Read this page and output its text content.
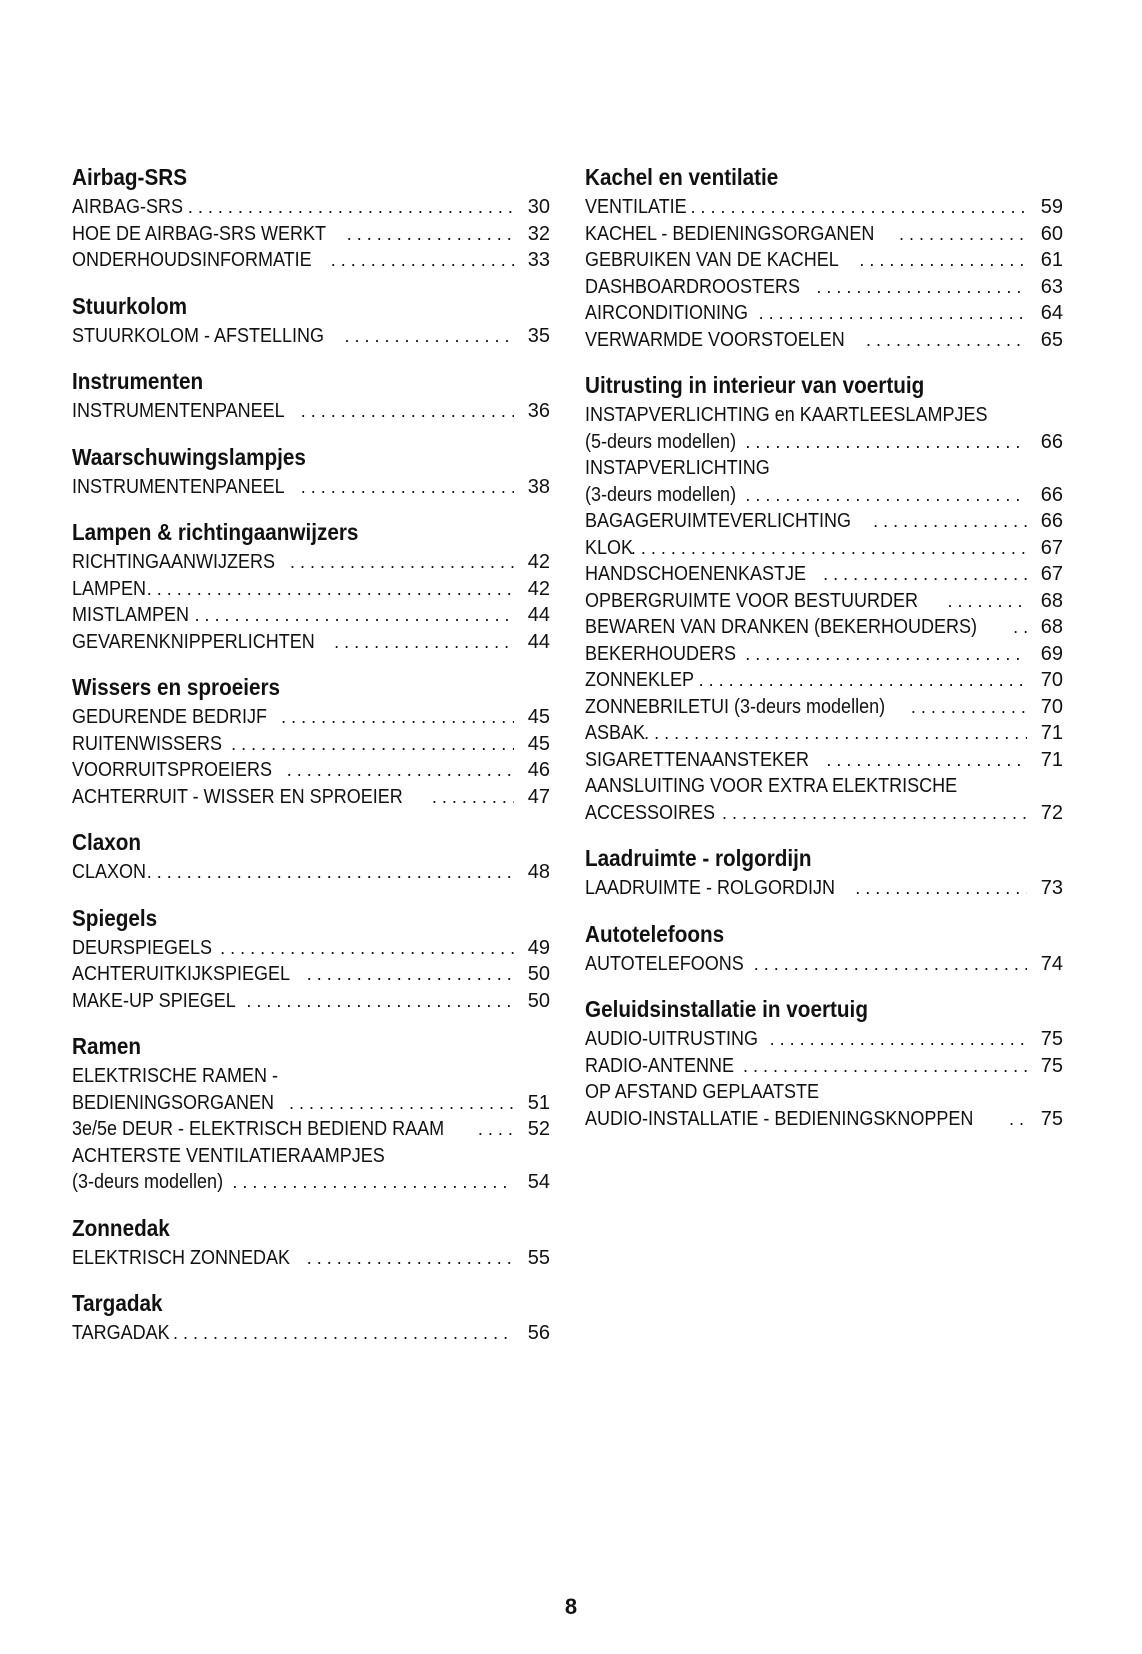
Airbag-SRS
AIRBAG-SRS . . .	30
HOE DE AIRBAG-SRS WERKT . . .	32
ONDERHOUDSINFORMATIE . . .	33
Stuurkolom
STUURKOLOM - AFSTELLING . . .	35
Instrumenten
INSTRUMENTENPANEEL . . .	36
Waarschuwingslampjes
INSTRUMENTENPANEEL . . .	38
Lampen & richtingaanwijzers
RICHTINGAANWIJZERS . . .	42
LAMPEN . . .	42
MISTLAMPEN . . .	44
GEVARENKNIPPERLICHTEN . . .	44
Wissers en sproeiers
GEDURENDE BEDRIJF . . .	45
RUITENWISSERS . . .	45
VOORRUITSPROEIERS . . .	46
ACHTERRUIT - WISSER EN SPROEIER . . .	47
Claxon
CLAXON . . .	48
Spiegels
DEURSPIEGELS . . .	49
ACHTERUITKIJKSPIEGEL . . .	50
MAKE-UP SPIEGEL . . .	50
Ramen
ELEKTRISCHE RAMEN -
BEDIENINGSORGANEN . . .	51
3e/5e DEUR - ELEKTRISCH BEDIEND RAAM . . .	52
ACHTERSTE VENTILATIERAAMPJES
(3-deurs modellen) . . .	54
Zonnedak
ELEKTRISCH ZONNEDAK . . .	55
Targadak
TARGADAK . . .	56
Kachel en ventilatie
VENTILATIE . . .	59
KACHEL - BEDIENINGSORGANEN . . .	60
GEBRUIKEN VAN DE KACHEL . . .	61
DASHBOARDROOSTERS . . .	63
AIRCONDITIONING . . .	64
VERWARMDE VOORSTOELEN . . .	65
Uitrusting in interieur van voertuig
INSTAPVERLICHTING en KAARTLEESLAMPJES
(5-deurs modellen) . . .	66
INSTAPVERLICHTING
(3-deurs modellen) . . .	66
BAGAGERUIMTEVERLICHTING . . .	66
KLOK . . .	67
HANDSCHOENENKASTJE . . .	67
OPBERGRUIMTE VOOR BESTUURDER . . .	68
BEWAREN VAN DRANKEN (BEKERHOUDERS) . . .	68
BEKERHOUDERS . . .	69
ZONNEKLEP . . .	70
ZONNEBRILETUI (3-deurs modellen) . . .	70
ASBAK . . .	71
SIGARETTENAANSTEKER . . .	71
AANSLUITING VOOR EXTRA ELEKTRISCHE
ACCESSOIRES . . .	72
Laadruimte - rolgordijn
LAADRUIMTE - ROLGORDIJN . . .	73
Autotelefoons
AUTOTELEFOONS . . .	74
Geluidsinstallatie in voertuig
AUDIO-UITRUSTING . . .	75
RADIO-ANTENNE . . .	75
OP AFSTAND GEPLAATSTE
AUDIO-INSTALLATIE - BEDIENINGSKNOPPEN . . .	75
8
